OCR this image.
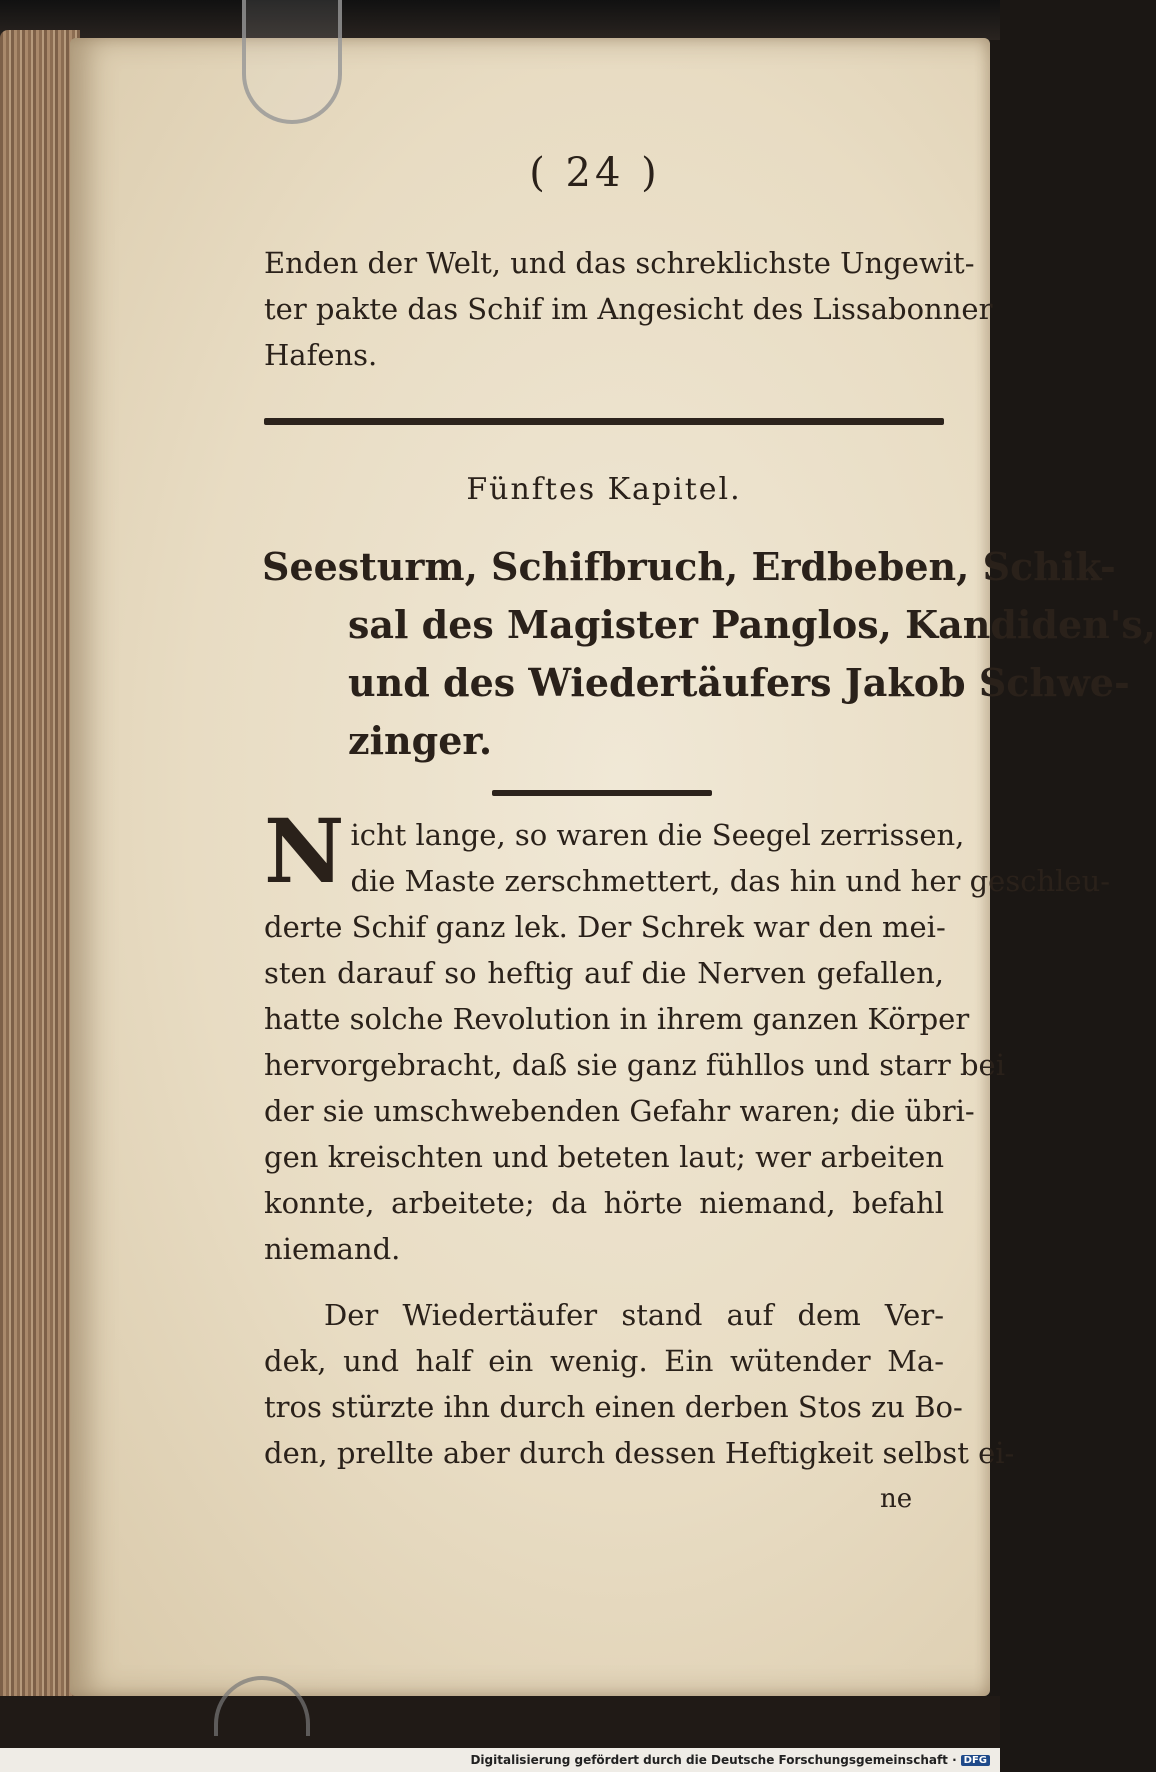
( 24 )
Enden der Welt, und das schreklichste Ungewit-
ter pakte das Schif im Angesicht des Lissabonner
Hafens.
Fünftes Kapitel.
Seesturm, Schifbruch, Erdbeben, Schik-
sal des Magister Panglos, Kandiden's,
und des Wiedertäufers Jakob Schwe-
zinger.
N icht lange, so waren die Seegel zerrissen,
die Maste zerschmettert, das hin und her geschleu-
derte Schif ganz lek. Der Schrek war den mei-
sten darauf so heftig auf die Nerven gefallen,
hatte solche Revolution in ihrem ganzen Körper
hervorgebracht, daß sie ganz fühllos und starr bei
der sie umschwebenden Gefahr waren; die übri-
gen kreischten und beteten laut; wer arbeiten
konnte, arbeitete; da hörte niemand, befahl
niemand.
Der Wiedertäufer stand auf dem Ver-
dek, und half ein wenig. Ein wütender Ma-
tros stürzte ihn durch einen derben Stos zu Bo-
den, prellte aber durch dessen Heftigkeit selbst ei-
ne
Digitalisierung gefördert durch die Deutsche Forschungsgemeinschaft · DFG
